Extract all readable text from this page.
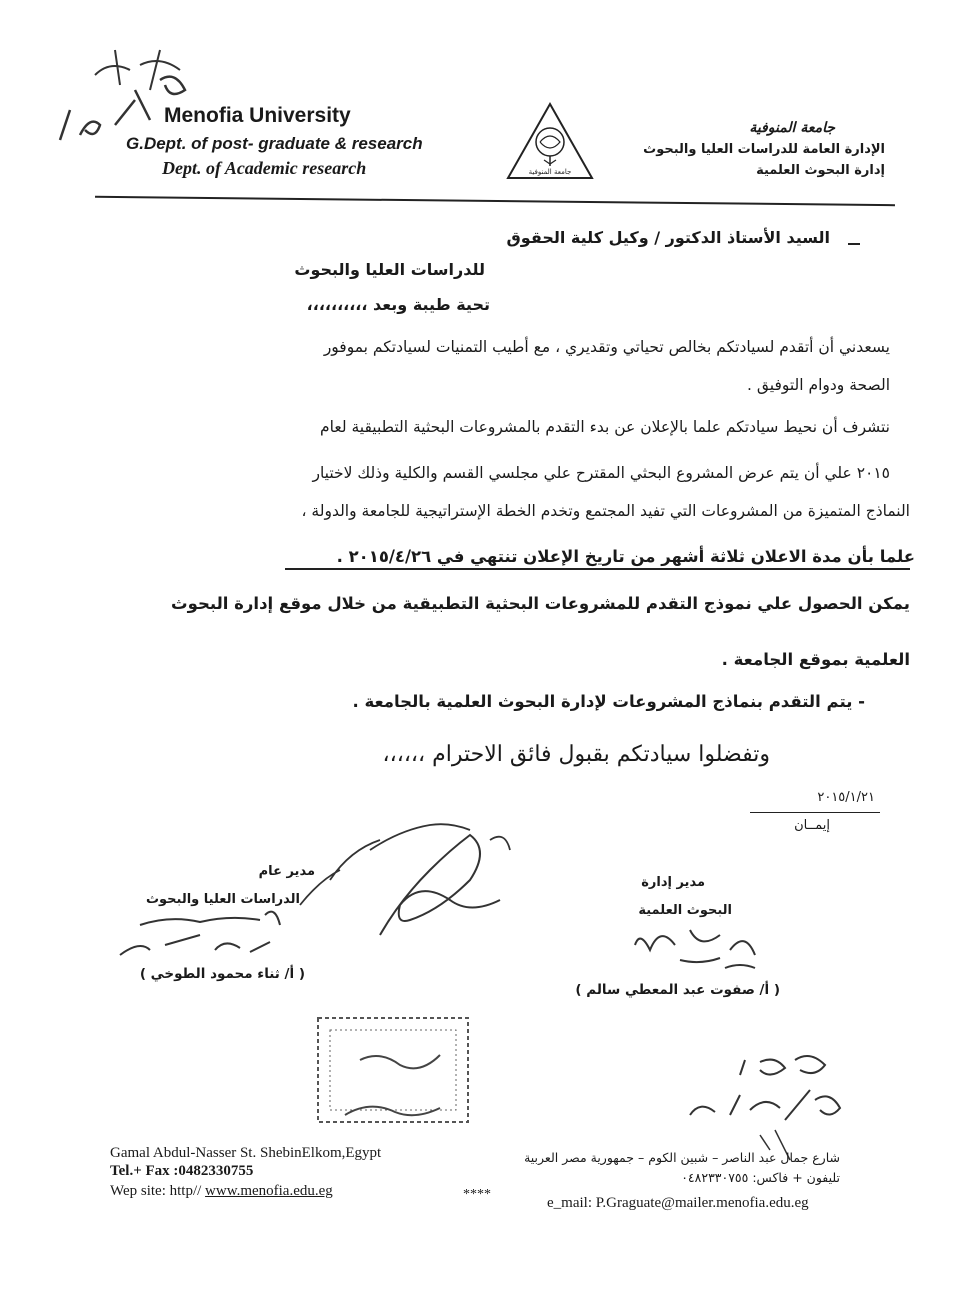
Menofia University
G.Dept. of post- graduate & research
Dept. of Academic research	جامعة المنوفية
جامعة المنوفية
الإدارة العامة للدراسات العليا والبحوث
إدارة البحوث العلمية
السيد الأستاذ الدكتور / وكيل كلية الحقوق
للدراسات العليا والبحوث
تحية طيبة وبعد ،،،،،،،،،،
يسعدني أن أتقدم لسيادتكم بخالص تحياتي وتقديري ، مع أطيب التمنيات لسيادتكم بموفور
الصحة ودوام التوفيق .
نتشرف أن نحيط سيادتكم علما بالإعلان عن بدء التقدم بالمشروعات البحثية التطبيقية لعام
٢٠١٥ علي أن يتم عرض المشروع البحثي المقترح علي مجلسي القسم والكلية وذلك لاختيار
النماذج المتميزة من المشروعات التي تفيد المجتمع وتخدم الخطة الإستراتيجية للجامعة والدولة ،
علما بأن مدة الاعلان ثلاثة أشهر من تاريخ الإعلان تنتهي في ٢٠١٥/٤/٢٦ .
يمكن الحصول علي نموذج التقدم للمشروعات البحثية التطبيقية من خلال موقع إدارة البحوث
العلمية بموقع الجامعة .
- يتم التقدم بنماذج المشروعات لإدارة البحوث العلمية بالجامعة .
وتفضلوا سيادتكم بقبول فائق الاحترام ،،،،،،
٢٠١٥/١/٢١
إيمــان
مدير عام
الدراسات العليا والبحوث
( أ/ ثناء محمود الطوخي )
مدير إدارة
البحوث العلمية
( أ/ صفوت عبد المعطي سالم )
Gamal Abdul-Nasser St. ShebinElkom,Egypt
Tel.+ Fax :0482330755
Wep site: http// www.menofia.edu.eg	****
شارع جمال عبد الناصر – شبين الكوم – جمهورية مصر العربية
تليفون + فاكس: ٠٤٨٢٣٣٠٧٥٥
e_mail: P.Graguate@mailer.menofia.edu.eg
